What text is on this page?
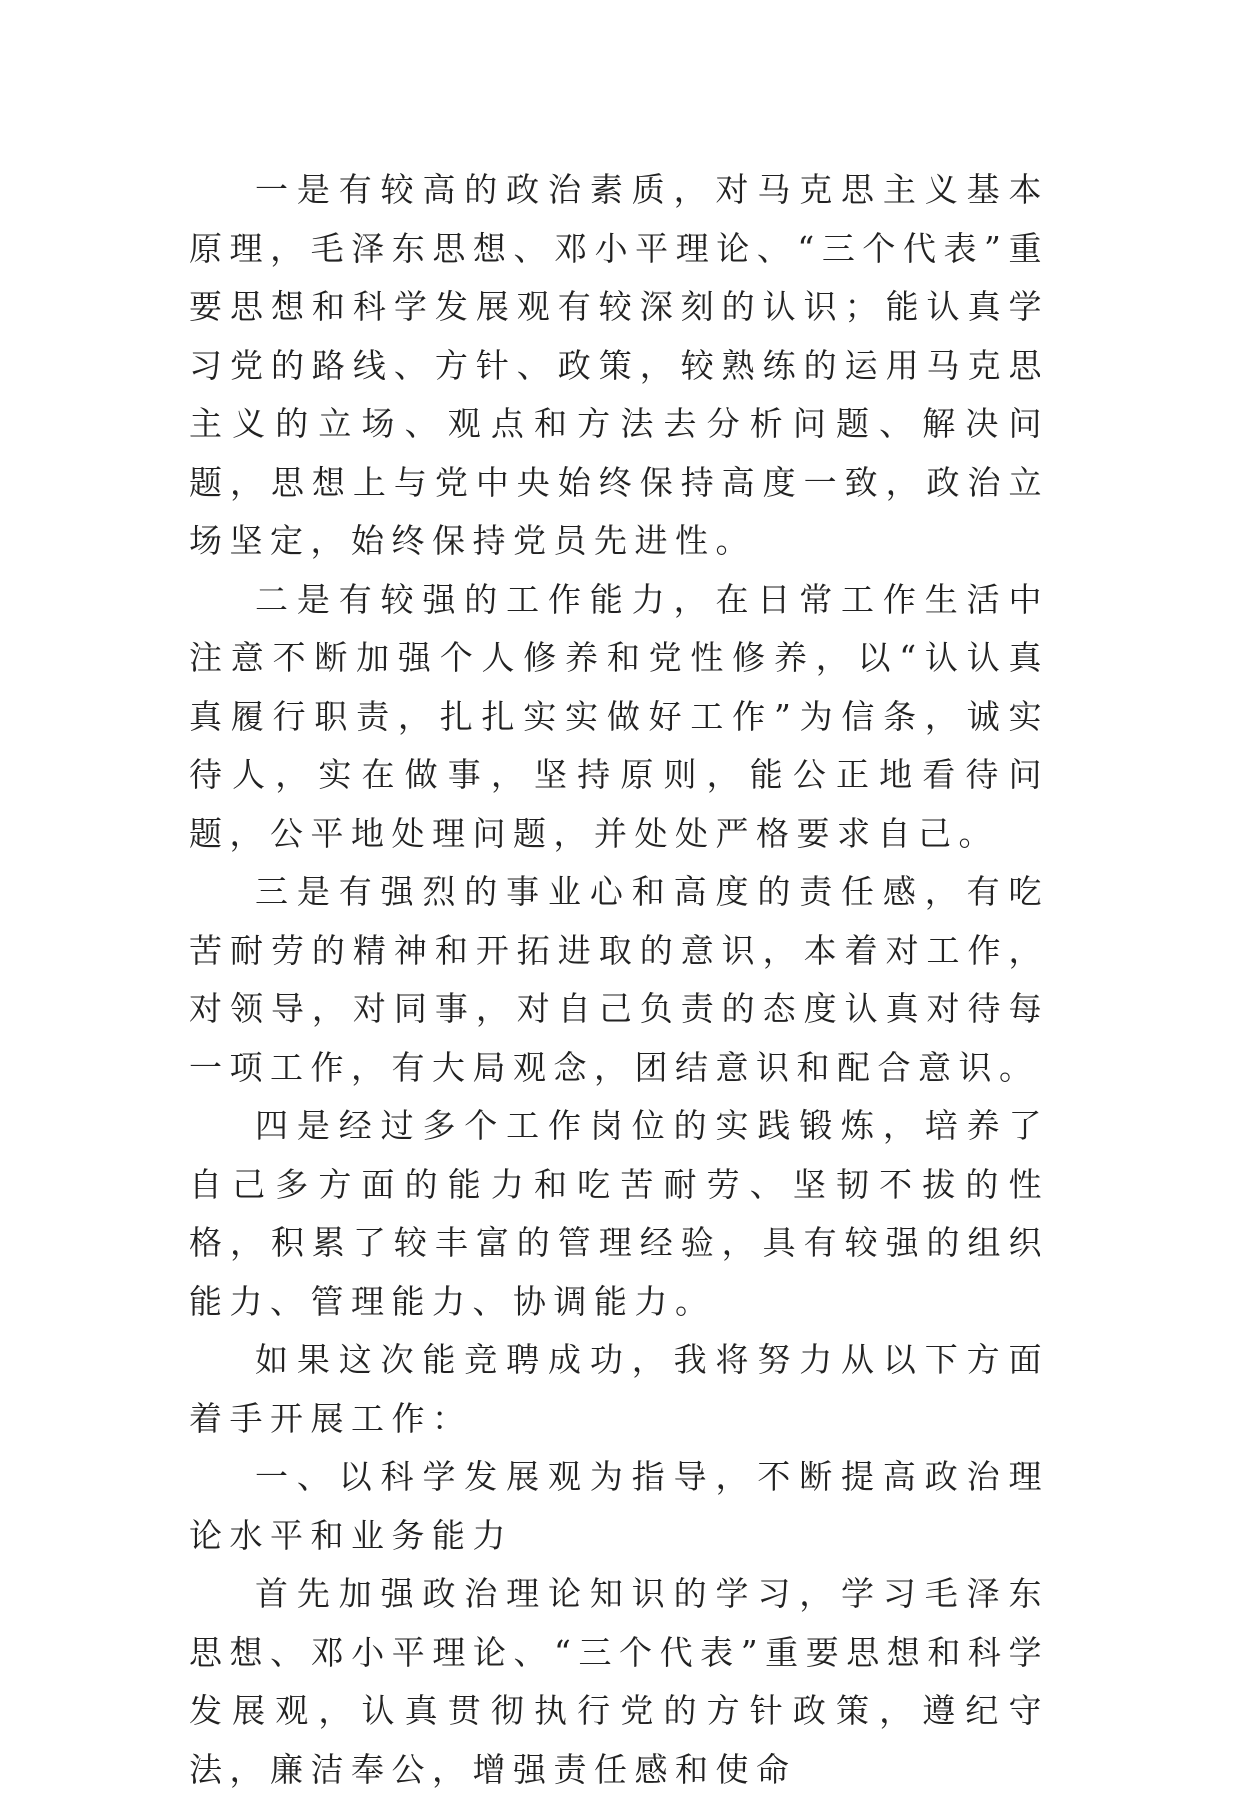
一是有较高的政治素质，对马克思主义基本原理，毛泽东思想、邓小平理论、“三个代表”重要思想和科学发展观有较深刻的认识；能认真学习党的路线、方针、政策，较熟练的运用马克思主义的立场、观点和方法去分析问题、解决问题，思想上与党中央始终保持高度一致，政治立场坚定，始终保持党员先进性。

二是有较强的工作能力，在日常工作生活中注意不断加强个人修养和党性修养，以“认认真真履行职责，扎扎实实做好工作”为信条，诚实待人，实在做事，坚持原则，能公正地看待问题，公平地处理问题，并处处严格要求自己。

三是有强烈的事业心和高度的责任感，有吃苦耐劳的精神和开拓进取的意识，本着对工作，对领导，对同事，对自己负责的态度认真对待每一项工作，有大局观念，团结意识和配合意识。

四是经过多个工作岗位的实践锻炼，培养了自己多方面的能力和吃苦耐劳、坚韧不拔的性格，积累了较丰富的管理经验，具有较强的组织能力、管理能力、协调能力。

如果这次能竞聘成功，我将努力从以下方面着手开展工作：

一、以科学发展观为指导，不断提高政治理论水平和业务能力

首先加强政治理论知识的学习，学习毛泽东思想、邓小平理论、“三个代表”重要思想和科学发展观，认真贯彻执行党的方针政策，遵纪守法，廉洁奉公，增强责任感和使命
